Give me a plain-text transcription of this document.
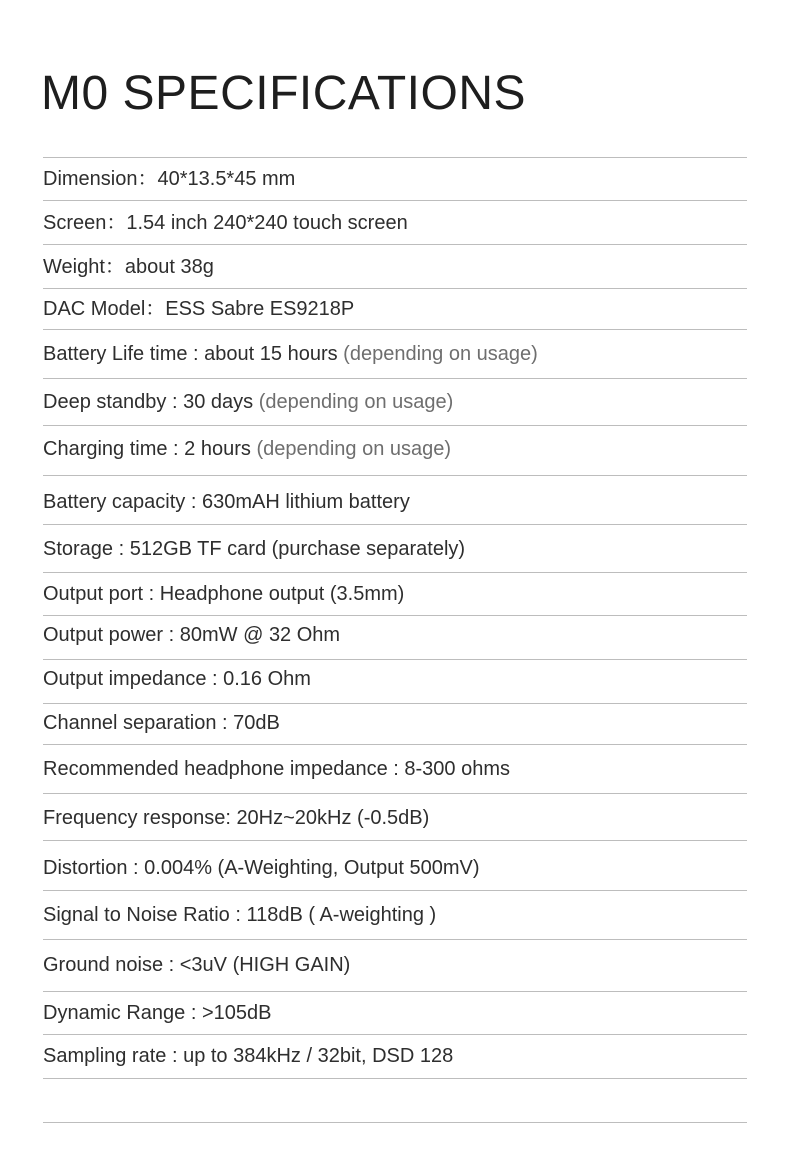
M0 SPECIFICATIONS
Dimension：40*13.5*45 mm
Screen：1.54 inch 240*240 touch screen
Weight：about 38g
DAC Model：ESS Sabre ES9218P
Battery Life time : about 15 hours (depending on usage)
Deep standby : 30 days (depending on usage)
Charging time : 2 hours (depending on usage)
Battery capacity : 630mAH lithium battery
Storage : 512GB TF card (purchase separately)
Output port : Headphone output (3.5mm)
Output power : 80mW @ 32 Ohm
Output impedance : 0.16 Ohm
Channel separation : 70dB
Recommended headphone impedance : 8-300 ohms
Frequency response: 20Hz~20kHz (-0.5dB)
Distortion : 0.004% (A-Weighting, Output 500mV)
Signal to Noise Ratio : 118dB ( A-weighting )
Ground noise : <3uV (HIGH GAIN)
Dynamic Range : >105dB
Sampling rate : up to 384kHz / 32bit, DSD 128
